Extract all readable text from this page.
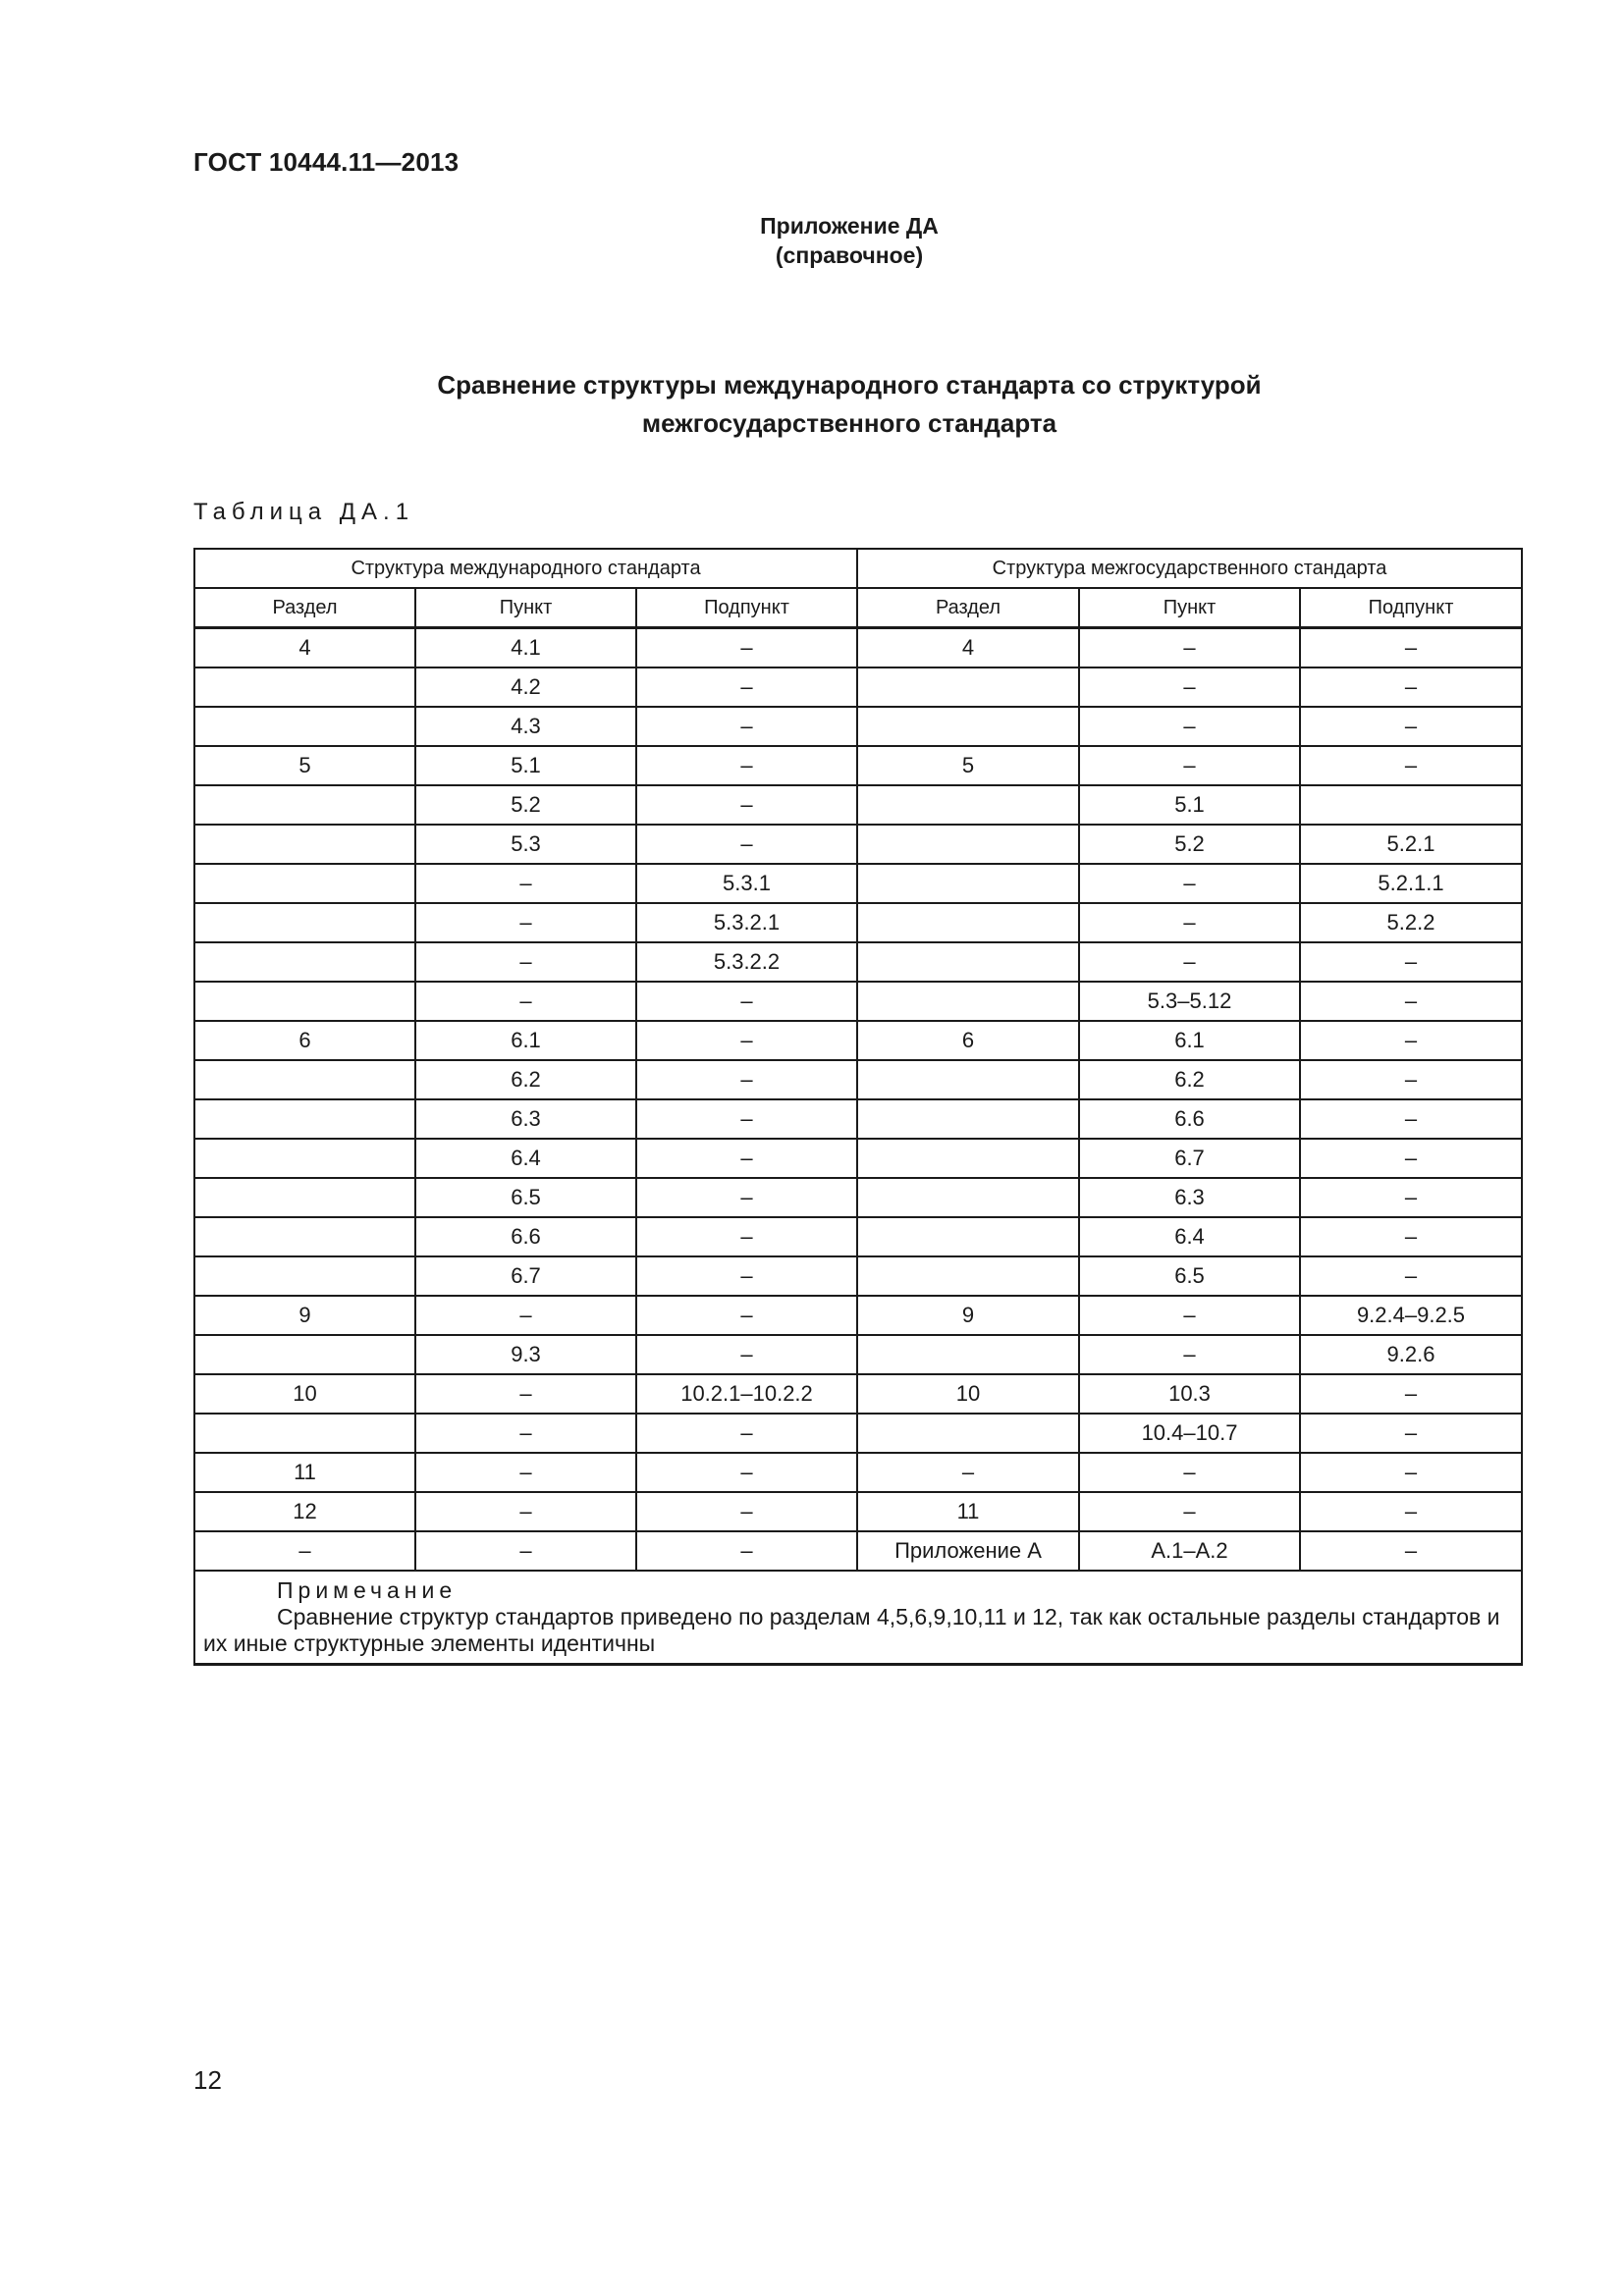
ГОСТ 10444.11—2013
Приложение ДА
(справочное)
Сравнение структуры международного стандарта со структурой
межгосударственного стандарта
Таблица ДА.1
Структура международного стандарта			Структура межгосударственного стандарта		
Раздел	Пункт	Подпункт	Раздел	Пункт	Подпункт
4	4.1	–	4	–	–
	4.2	–		–	–
	4.3	–		–	–
5	5.1	–	5	–	–
	5.2	–		5.1	
	5.3	–		5.2	5.2.1
	–	5.3.1		–	5.2.1.1
	–	5.3.2.1		–	5.2.2
	–	5.3.2.2		–	–
	–	–		5.3–5.12	–
6	6.1	–	6	6.1	–
	6.2	–		6.2	–
	6.3	–		6.6	–
	6.4	–		6.7	–
	6.5	–		6.3	–
	6.6	–		6.4	–
	6.7	–		6.5	–
9	–	–	9	–	9.2.4–9.2.5
	9.3	–		–	9.2.6
10	–	10.2.1–10.2.2	10	10.3	–
	–	–		10.4–10.7	–
11	–	–	–	–	–
12	–	–	11	–	–
–	–	–	Приложение А	А.1–А.2	–

Примечание
Сравнение структур стандартов приведено по разделам 4,5,6,9,10,11 и 12, так как остальные разделы стандартов и их иные структурные элементы идентичны					
12
